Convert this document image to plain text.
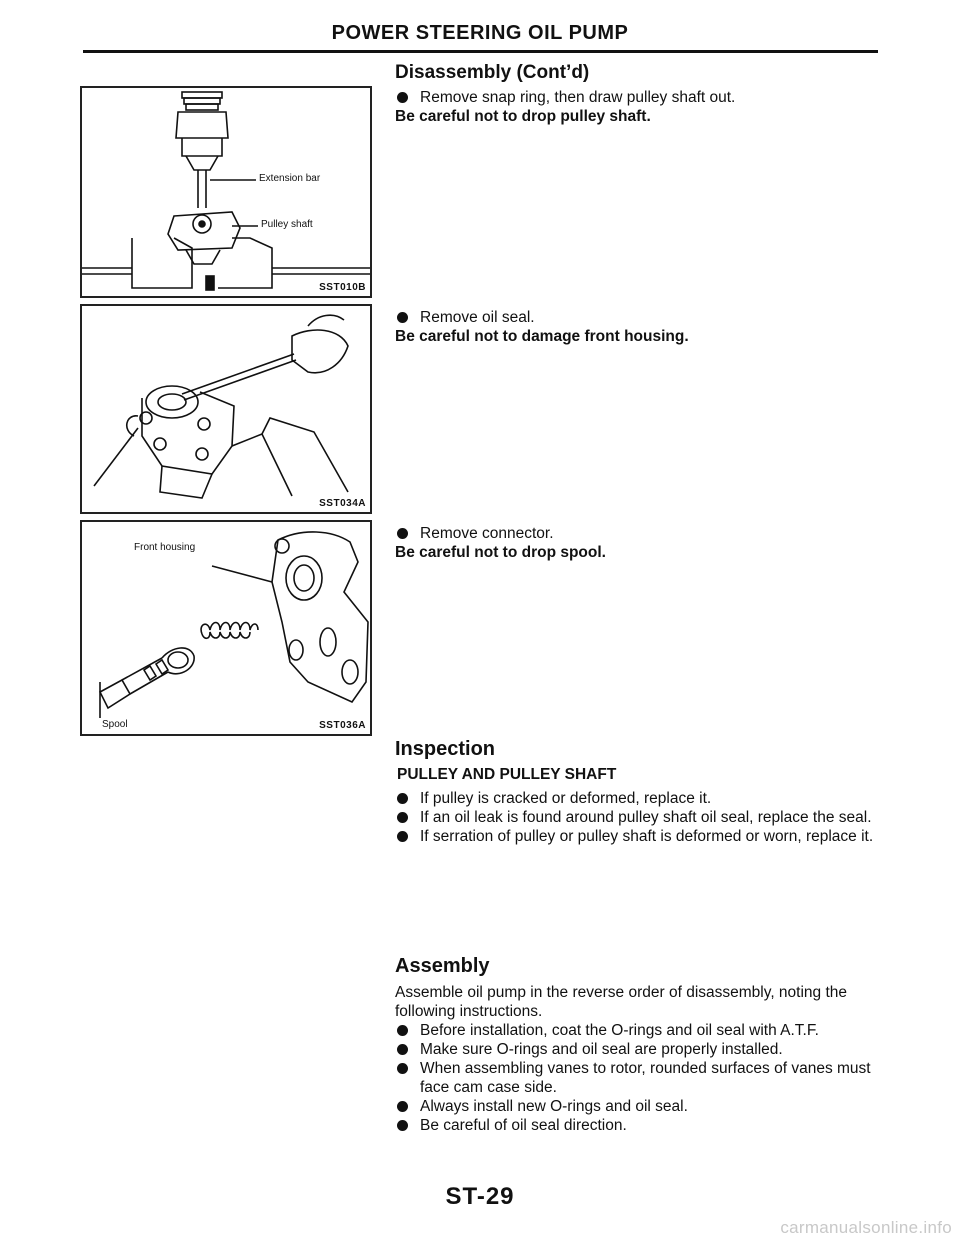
POWER STEERING OIL PUMP
Extension bar
Pulley shaft
SST010B
SST034A
Front housing
Spool	SST036A
Disassembly (Cont’d)

Remove snap ring, then draw pulley shaft out.

Be careful not to drop pulley shaft.

Remove oil seal.

Be careful not to damage front housing.

Remove connector.

Be careful not to drop spool.

Inspection
PULLEY AND PULLEY SHAFT

If pulley is cracked or deformed, replace it.

If an oil leak is found around pulley shaft oil seal, replace the seal.

If serration of pulley or pulley shaft is deformed or worn, replace it.

Assembly

Assemble oil pump in the reverse order of disassembly, noting the following instructions.

Before installation, coat the O-rings and oil seal with A.T.F.

Make sure O-rings and oil seal are properly installed.

When assembling vanes to rotor, rounded surfaces of vanes must face cam case side.

Always install new O-rings and oil seal.

Be careful of oil seal direction.

ST-29
carmanualsonline.info
